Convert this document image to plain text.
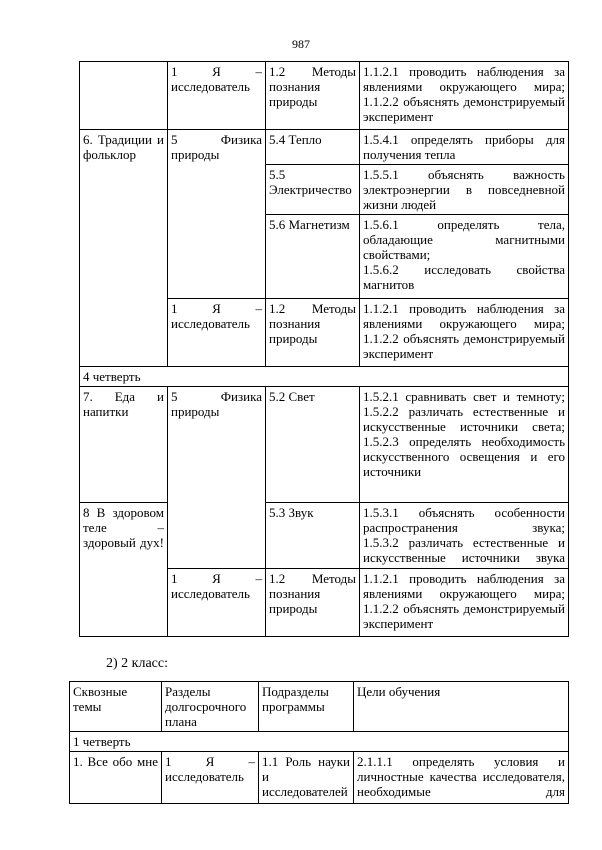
987

	1 Я – исследователь	1.2 Методы познания природы	1.1.2.1 проводить наблюдения за явлениями окружающего мира;
1.1.2.2 объяснять демонстрируемый эксперимент

6. Традиции и фольклор	5 Физика природы	5.4 Тепло	1.5.4.1 определять приборы для получения тепла

		5.5 Электричество	1.5.5.1 объяснять важность электроэнергии в повседневной жизни людей

		5.6 Магнетизм	1.5.6.1 определять тела, обладающие магнитными свойствами;
1.5.6.2 исследовать свойства магнитов

	1 Я – исследователь	1.2 Методы познания природы	1.1.2.1 проводить наблюдения за явлениями окружающего мира;
1.1.2.2 объяснять демонстрируемый эксперимент

4 четверть			

7. Еда и напитки	5 Физика природы	5.2 Свет	1.5.2.1 сравнивать свет и темноту;
1.5.2.2 различать естественные и искусственные источники света;
1.5.2.3 определять необходимость искусственного освещения и его источники

8 В здоровом теле – здоровый дух!		5.3 Звук	1.5.3.1 объяснять особенности распространения звука;
1.5.3.2 различать естественные и искусственные источники звука

	1 Я – исследователь	1.2 Методы познания природы	1.1.2.1 проводить наблюдения за явлениями окружающего мира;
1.1.2.2 объяснять демонстрируемый эксперимент
2) 2 класс:
Сквозные темы	Разделы долгосрочного плана	Подразделы программы	Цели обучения

1 четверть			

1. Все обо мне	1 Я – исследователь	1.1 Роль науки и исследователей	2.1.1.1 определять условия и личностные качества исследователя, необходимые для
